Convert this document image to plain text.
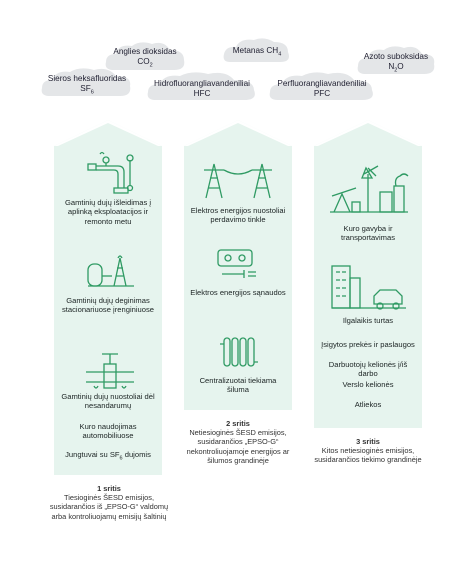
Anglies dioksidas
$CO_2$
Metanas $CH_4$	Azoto suboksidas
$N_2O$
Sieros heksafluoridas
$SF_6$
Hidrofluorangliavandeniliai
HFC
Perfluorangliavandeniliai
PFC
Gamtinių dujų išleidimas į aplinką eksploatacijos ir remonto metu
Gamtinių dujų deginimas stacionariuose įrenginiuose
Gamtinių dujų nuostoliai dėl nesandarumų
Kuro naudojimas automobiliuose
Jungtuvai su $SF_6$ dujomis
1 sritis
Tiesioginės ŠESD emisijos, susidarančios iš „EPSO-G“ valdomų arba kontroliuojamų emisijų šaltinių
Elektros energijos nuostoliai perdavimo tinkle
Elektros energijos sąnaudos
Centralizuotai tiekiama šiluma
2 sritis
Netiesioginės ŠESD emisijos, susidarančios „EPSO-G“ nekontroliuojamoje energijos ar šilumos grandinėje
Kuro gavyba ir transportavimas
Ilgalaikis turtas
Įsigytos prekės ir paslaugos
Darbuotojų kelionės į/iš darbo
Verslo kelionės
Atliekos
3 sritis
Kitos netiesioginės emisijos, susidarančios tiekimo grandinėje
